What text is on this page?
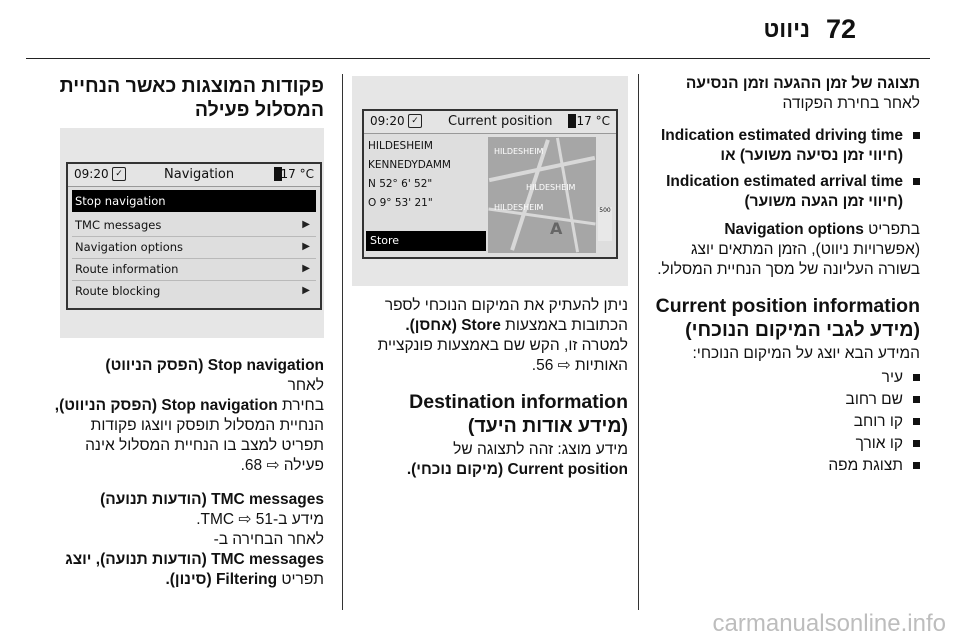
72
ניווט

תצוגה של זמן ההגעה וזמן הנסיעה

לאחר בחירת הפקודה

Indication estimated driving time

(חיווי זמן נסיעה משוער) או

Indication estimated arrival time

(חיווי זמן הגעה משוער)

בתפריט Navigation options

(אפשרויות ניווט), הזמן המתאים יוצג

בשורה העליונה של מסך הנחיית המסלול.

Current position information

(מידע לגבי המיקום הנוכחי)

המידע הבא יוצג על המיקום הנוכחי:

עיר

שם רחוב

קו רוחב

קו אורך

תצוגת מפה

09:20 ✓ Current position 17 °C
HILDESHEIM
KENNEDYDAMM
N 52° 6' 52"
O 9° 53' 21"
Store
HILDESHEIM
HILDESHEIM
HILDESHEIM
A
500

ניתן להעתיק את המיקום הנוכחי לספר

הכתובות באמצעות Store (אחסן).

למטרה זו, הקש שם באמצעות פונקציית

האותיות ⇨ 56.

Destination information

(מידע אודות היעד)

מידע מוצג: זהה לתצוגה של

Current position (מיקום נוכחי).

פקודות המוצגות כאשר הנחיית

המסלול פעילה

09:20 ✓	Navigation	17 °C
Stop navigation
TMC messages	▶
Navigation options	▶
Route information	▶
Route blocking	▶

Stop navigation (הפסק הניווט)

לאחר

בחירת Stop navigation (הפסק הניווט),

הנחיית המסלול תופסק ויוצגו פקודות

תפריט למצב בו הנחיית המסלול אינה

פעילה ⇨ 68.

TMC messages (הודעות תנועה)

מידע ב-TMC ⇨ 51.

לאחר הבחירה ב-

TMC messages (הודעות תנועה), יוצג

תפריט Filtering (סינון).

carmanualsonline.info
